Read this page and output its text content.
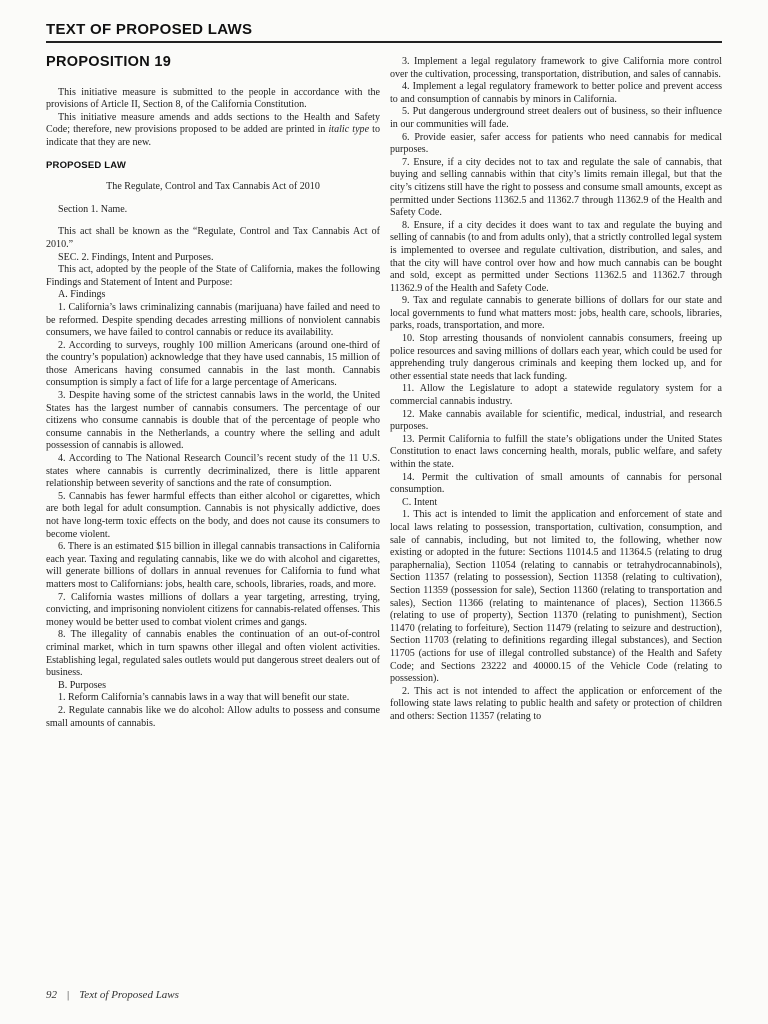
TEXT OF PROPOSED LAWS
PROPOSITION 19

This initiative measure is submitted to the people in accordance with the provisions of Article II, Section 8, of the California Constitution.

This initiative measure amends and adds sections to the Health and Safety Code; therefore, new provisions proposed to be added are printed in italic type to indicate that they are new.

PROPOSED LAW

The Regulate, Control and Tax Cannabis Act of 2010

Section 1. Name.

This act shall be known as the “Regulate, Control and Tax Cannabis Act of 2010.”

SEC. 2. Findings, Intent and Purposes.

This act, adopted by the people of the State of California, makes the following Findings and Statement of Intent and Purpose:

A. Findings

1. California’s laws criminalizing cannabis (marijuana) have failed and need to be reformed. Despite spending decades arresting millions of nonviolent cannabis consumers, we have failed to control cannabis or reduce its availability.

2. According to surveys, roughly 100 million Americans (around one-third of the country’s population) acknowledge that they have used cannabis, 15 million of those Americans having consumed cannabis in the last month. Cannabis consumption is simply a fact of life for a large percentage of Americans.

3. Despite having some of the strictest cannabis laws in the world, the United States has the largest number of cannabis consumers. The percentage of our citizens who consume cannabis is double that of the percentage of people who consume cannabis in the Netherlands, a country where the selling and adult possession of cannabis is allowed.

4. According to The National Research Council’s recent study of the 11 U.S. states where cannabis is currently decriminalized, there is little apparent relationship between severity of sanctions and the rate of consumption.

5. Cannabis has fewer harmful effects than either alcohol or cigarettes, which are both legal for adult consumption. Cannabis is not physically addictive, does not have long-term toxic effects on the body, and does not cause its consumers to become violent.

6. There is an estimated $15 billion in illegal cannabis transactions in California each year. Taxing and regulating cannabis, like we do with alcohol and cigarettes, will generate billions of dollars in annual revenues for California to fund what matters most to Californians: jobs, health care, schools, libraries, roads, and more.

7. California wastes millions of dollars a year targeting, arresting, trying, convicting, and imprisoning nonviolent citizens for cannabis-related offenses. This money would be better used to combat violent crimes and gangs.

8. The illegality of cannabis enables the continuation of an out-of-control criminal market, which in turn spawns other illegal and often violent activities. Establishing legal, regulated sales outlets would put dangerous street dealers out of business.

B. Purposes

1. Reform California’s cannabis laws in a way that will benefit our state.

2. Regulate cannabis like we do alcohol: Allow adults to possess and consume small amounts of cannabis.

3. Implement a legal regulatory framework to give California more control over the cultivation, processing, transportation, distribution, and sales of cannabis.

4. Implement a legal regulatory framework to better police and prevent access to and consumption of cannabis by minors in California.

5. Put dangerous underground street dealers out of business, so their influence in our communities will fade.

6. Provide easier, safer access for patients who need cannabis for medical purposes.

7. Ensure, if a city decides not to tax and regulate the sale of cannabis, that buying and selling cannabis within that city’s limits remain illegal, but that the city’s citizens still have the right to possess and consume small amounts, except as permitted under Sections 11362.5 and 11362.7 through 11362.9 of the Health and Safety Code.

8. Ensure, if a city decides it does want to tax and regulate the buying and selling of cannabis (to and from adults only), that a strictly controlled legal system is implemented to oversee and regulate cultivation, distribution, and sales, and that the city will have control over how and how much cannabis can be bought and sold, except as permitted under Sections 11362.5 and 11362.7 through 11362.9 of the Health and Safety Code.

9. Tax and regulate cannabis to generate billions of dollars for our state and local governments to fund what matters most: jobs, health care, schools, libraries, parks, roads, transportation, and more.

10. Stop arresting thousands of nonviolent cannabis consumers, freeing up police resources and saving millions of dollars each year, which could be used for apprehending truly dangerous criminals and keeping them locked up, and for other essential state needs that lack funding.

11. Allow the Legislature to adopt a statewide regulatory system for a commercial cannabis industry.

12. Make cannabis available for scientific, medical, industrial, and research purposes.

13. Permit California to fulfill the state’s obligations under the United States Constitution to enact laws concerning health, morals, public welfare, and safety within the state.

14. Permit the cultivation of small amounts of cannabis for personal consumption.

C. Intent

1. This act is intended to limit the application and enforcement of state and local laws relating to possession, transportation, cultivation, consumption, and sale of cannabis, including, but not limited to, the following, whether now existing or adopted in the future: Sections 11014.5 and 11364.5 (relating to drug paraphernalia), Section 11054 (relating to cannabis or tetrahydrocannabinols), Section 11357 (relating to possession), Section 11358 (relating to cultivation), Section 11359 (possession for sale), Section 11360 (relating to transportation and sales), Section 11366 (relating to maintenance of places), Section 11366.5 (relating to use of property), Section 11370 (relating to punishment), Section 11470 (relating to forfeiture), Section 11479 (relating to seizure and destruction), Section 11703 (relating to definitions regarding illegal substances), and Section 11705 (actions for use of illegal controlled substance) of the Health and Safety Code; and Sections 23222 and 40000.15 of the Vehicle Code (relating to possession).

2. This act is not intended to affect the application or enforcement of the following state laws relating to public health and safety or protection of children and others: Section 11357 (relating to

92 | Text of Proposed Laws
